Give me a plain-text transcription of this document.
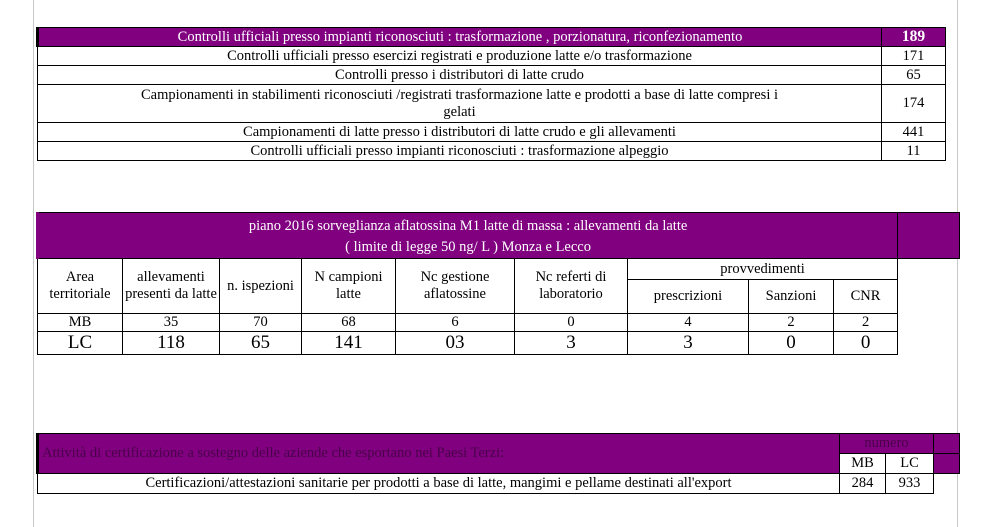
Controlli ufficiali presso impianti riconosciuti : trasformazione , porzionatura, riconfezionamento	189
Controlli ufficiali presso esercizi registrati e produzione latte e/o trasformazione	171
Controlli presso i distributori di latte crudo	65
Campionamenti in stabilimenti riconosciuti /registrati trasformazione latte e prodotti a base di latte compresi i gelati	174
Campionamenti di latte presso i distributori di latte crudo e gli allevamenti	441
Controlli ufficiali presso impianti riconosciuti : trasformazione alpeggio	11
piano 2016 sorveglianza aflatossina M1 latte di massa : allevamenti da latte
( limite di legge 50 ng/ L ) Monza e Lecco									

Area territoriale	allevamenti presenti da latte	n. ispezioni	N campioni latte	Nc gestione aflatossine	Nc referti di laboratorio	provvedimenti			
						prescrizioni	Sanzioni	CNR	
MB	35	70	68	6	0	4	2	2	
LC	118	65	141	03	3	3	0	0	
Attività di certificazione a sostegno delle aziende che esportano nei Paesi Terzi:	numero		
	MB	LC	
Certificazioni/attestazioni sanitarie per prodotti a base di latte, mangimi e pellame destinati all'export	284	933	
